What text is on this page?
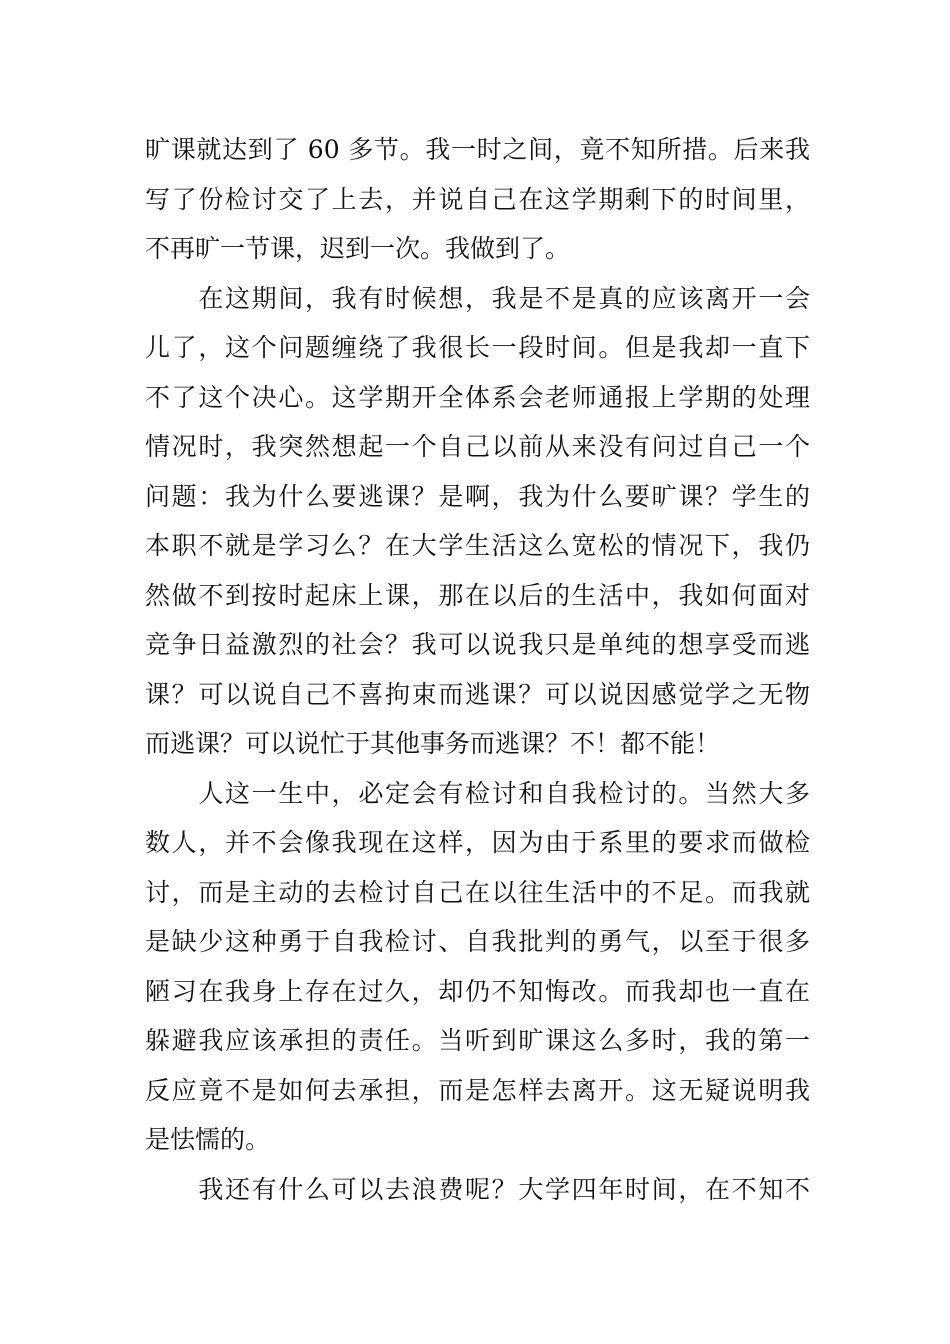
旷课就达到了 60 多节。我一时之间，竟不知所措。后来我
写了份检讨交了上去，并说自己在这学期剩下的时间里，
不再旷一节课，迟到一次。我做到了。
　　在这期间，我有时候想，我是不是真的应该离开一会
儿了，这个问题缠绕了我很长一段时间。但是我却一直下
不了这个决心。这学期开全体系会老师通报上学期的处理
情况时，我突然想起一个自己以前从来没有问过自己一个
问题：我为什么要逃课？是啊，我为什么要旷课？学生的
本职不就是学习么？在大学生活这么宽松的情况下，我仍
然做不到按时起床上课，那在以后的生活中，我如何面对
竞争日益激烈的社会？我可以说我只是单纯的想享受而逃
课？可以说自己不喜拘束而逃课？可以说因感觉学之无物
而逃课？可以说忙于其他事务而逃课？不！都不能！
　　人这一生中，必定会有检讨和自我检讨的。当然大多
数人，并不会像我现在这样，因为由于系里的要求而做检
讨，而是主动的去检讨自己在以往生活中的不足。而我就
是缺少这种勇于自我检讨、自我批判的勇气，以至于很多
陋习在我身上存在过久，却仍不知悔改。而我却也一直在
躲避我应该承担的责任。当听到旷课这么多时，我的第一
反应竟不是如何去承担，而是怎样去离开。这无疑说明我
是怯懦的。
　　我还有什么可以去浪费呢？大学四年时间，在不知不
